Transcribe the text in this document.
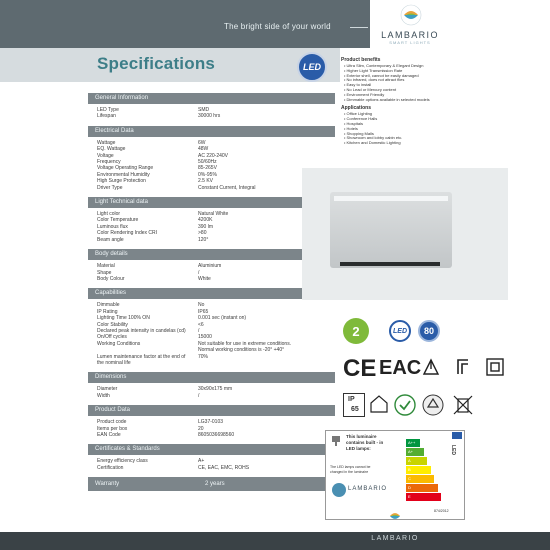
The bright side of your world
LAMBARIO
SMART LIGHTS
Specifications	LED
General Information
LED Type	SMD
Lifespan	30000 hrs
Electrical Data
Wattage	6W
EQ. Wattage	48W
Voltage	AC 220-240V
Frequency	50/60Hz
Voltage Operating Range	85-265V
Environmental Humidity	0%-95%
High Surge Protection	2.5 KV
Driver Type	Constant Current, Integral
Light Technical data
Light color	Natural White
Color Temperature	4200K
Luminous flux	390 lm
Color Rendering Index CRI	>80
Beam angle	120°
Body details
Material	Aluminium
Shape	/
Body Colour	White
Capabilities
Dimmable	No
IP Rating	IP65
Lighting Time 100% ON	0.001 sec (instant on)
Color Stability	<6
Declared peak intensity in candelas (cd)	/
On/Off cycles	15000
Working Conditions	Not suitable for use in extreme conditions.
Normal working conditions is -20° +40°
Lumen maintenance factor at the end of	70%
the nominal life
Dimensions
Diameter	30x90x175 mm
Width	/
Product Data
Product code	LG37-0103
Items per box	20
EAN Code	8605036698560
Certificates & Standards
Energy efficiency class	A+
Certification	CE, EAC, EMC, ROHS
Warranty	2 years
Product benefits
• Ultra Slim, Contemporary & Elegant Design
• Higher Light Transmission Rate
• Exterior shell, cannot be easily damaged
• No infrared, does not attract flies
• Easy to install
• No Lead or Mercury content
• Environment Friendly
• Dimmable options available in selected models
Applications
• Office Lighting
• Conference Halls
• Hospitals
• Hotels
• Shopping Malls
• Showroom and lobby cabin etc.
• Kitchen and Domestic Lighting
2	LED 80
CE EAC
IP
65
This luminaire
contains built - in
LED lamps:
The LED lamps cannot be changed in the luminaire
LAMBARIO
A++
A+
A
B
C
D
E
LED
874/2012
LAMBARIO
